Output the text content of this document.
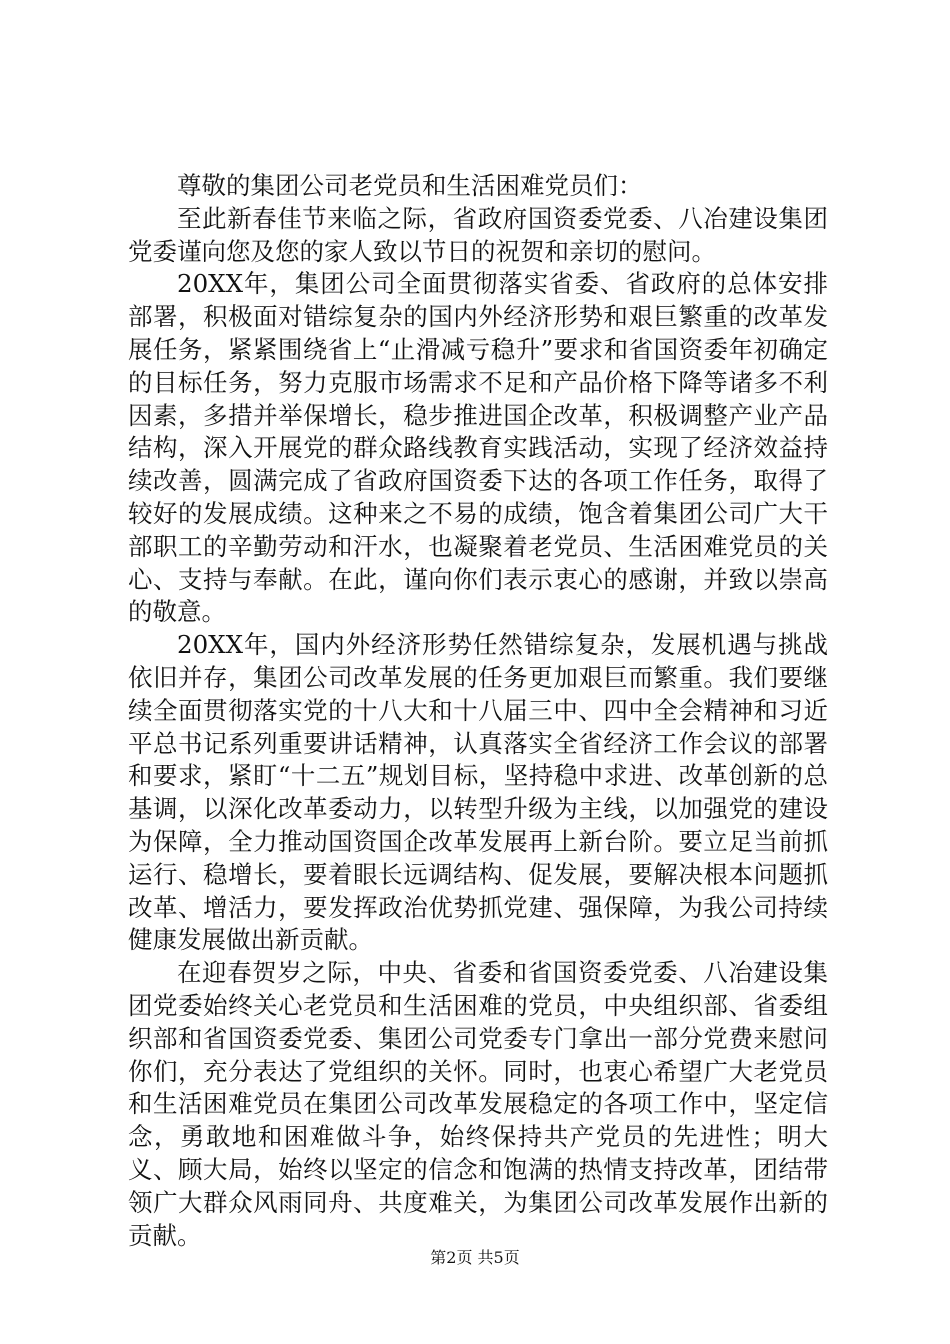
尊敬的集团公司老党员和生活困难党员们：

至此新春佳节来临之际，省政府国资委党委、八冶建设集团党委谨向您及您的家人致以节日的祝贺和亲切的慰问。

20XX年，集团公司全面贯彻落实省委、省政府的总体安排部署，积极面对错综复杂的国内外经济形势和艰巨繁重的改革发展任务，紧紧围绕省上“止滑减亏稳升”要求和省国资委年初确定的目标任务，努力克服市场需求不足和产品价格下降等诸多不利因素，多措并举保增长，稳步推进国企改革，积极调整产业产品结构，深入开展党的群众路线教育实践活动，实现了经济效益持续改善，圆满完成了省政府国资委下达的各项工作任务，取得了较好的发展成绩。这种来之不易的成绩，饱含着集团公司广大干部职工的辛勤劳动和汗水，也凝聚着老党员、生活困难党员的关心、支持与奉献。在此，谨向你们表示衷心的感谢，并致以崇高的敬意。

20XX年，国内外经济形势任然错综复杂，发展机遇与挑战依旧并存，集团公司改革发展的任务更加艰巨而繁重。我们要继续全面贯彻落实党的十八大和十八届三中、四中全会精神和习近平总书记系列重要讲话精神，认真落实全省经济工作会议的部署和要求，紧盯“十二五”规划目标，坚持稳中求进、改革创新的总基调，以深化改革委动力，以转型升级为主线，以加强党的建设为保障，全力推动国资国企改革发展再上新台阶。要立足当前抓运行、稳增长，要着眼长远调结构、促发展，要解决根本问题抓改革、增活力，要发挥政治优势抓党建、强保障，为我公司持续健康发展做出新贡献。

在迎春贺岁之际，中央、省委和省国资委党委、八冶建设集团党委始终关心老党员和生活困难的党员，中央组织部、省委组织部和省国资委党委、集团公司党委专门拿出一部分党费来慰问你们，充分表达了党组织的关怀。同时，也衷心希望广大老党员和生活困难党员在集团公司改革发展稳定的各项工作中，坚定信念，勇敢地和困难做斗争，始终保持共产党员的先进性；明大义、顾大局，始终以坚定的信念和饱满的热情支持改革，团结带领广大群众风雨同舟、共度难关，为集团公司改革发展作出新的贡献。

第2页 共5页
